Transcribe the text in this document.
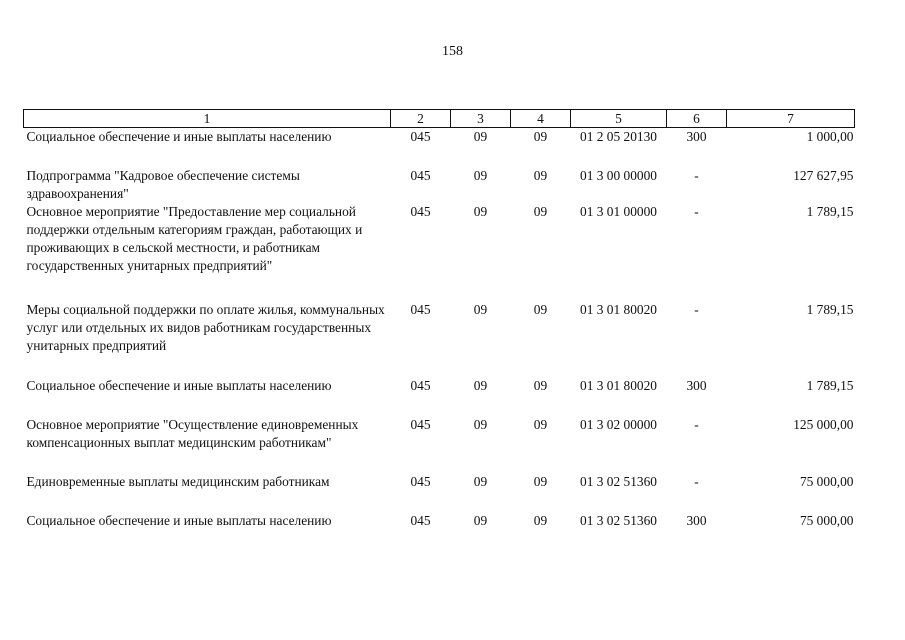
158
1	2	3	4	5	6	7
Социальное обеспечение и иные выплаты населению	045	09	09	01 2 05 20130	300	1 000,00
Подпрограмма "Кадровое обеспечение системы здравоохранения"	045	09	09	01 3 00 00000	-	127 627,95
Основное мероприятие "Предоставление мер социальной поддержки отдельным категориям граждан, работающих и проживающих в сельской местности, и работникам государственных унитарных предприятий"	045	09	09	01 3 01 00000	-	1 789,15
Меры социальной поддержки по оплате жилья, коммунальных услуг или отдельных их видов работникам государственных унитарных предприятий	045	09	09	01 3 01 80020	-	1 789,15
Социальное обеспечение и иные выплаты населению	045	09	09	01 3 01 80020	300	1 789,15
Основное мероприятие "Осуществление единовременных компенсационных выплат медицинским работникам"	045	09	09	01 3 02 00000	-	125 000,00
Единовременные выплаты медицинским работникам	045	09	09	01 3 02 51360	-	75 000,00
Социальное обеспечение и иные выплаты населению	045	09	09	01 3 02 51360	300	75 000,00
